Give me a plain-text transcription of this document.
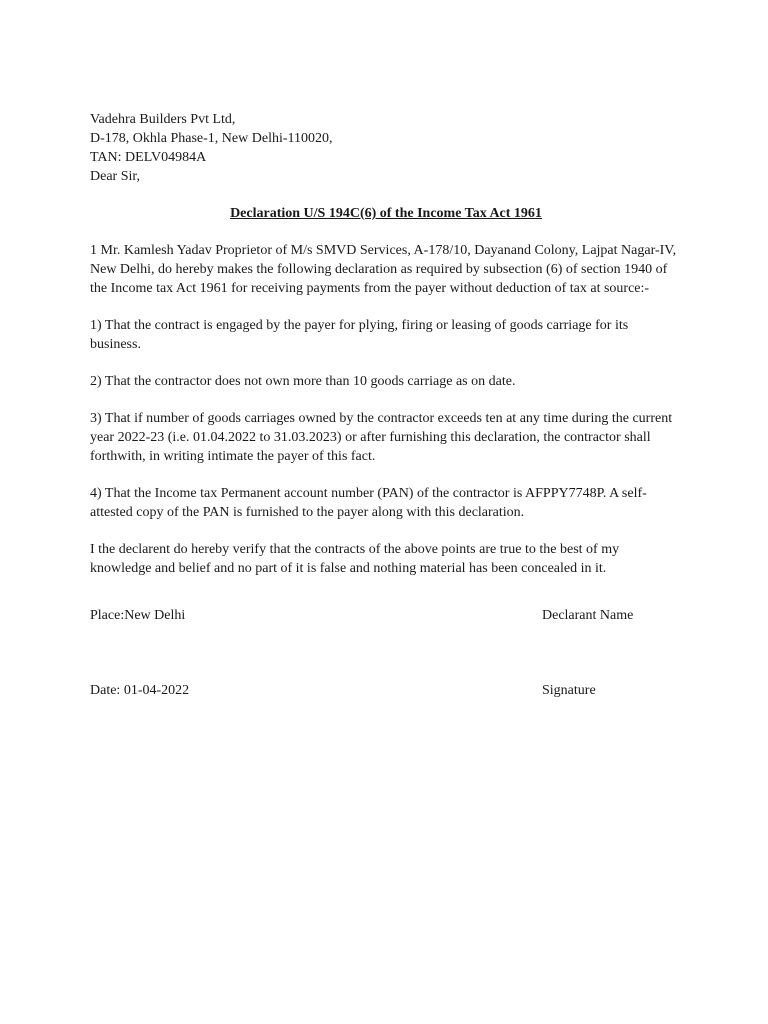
Vadehra Builders Pvt Ltd,
D-178, Okhla Phase-1, New Delhi-110020,
TAN: DELV04984A
Dear Sir,
Declaration U/S 194C(6) of the Income Tax Act 1961

1 Mr. Kamlesh Yadav Proprietor of M/s SMVD Services, A-178/10, Dayanand Colony, Lajpat Nagar-IV, New Delhi, do hereby makes the following declaration as required by subsection (6) of section 1940 of the Income tax Act 1961 for receiving payments from the payer without deduction of tax at source:-

1) That the contract is engaged by the payer for plying, firing or leasing of goods carriage for its business.

2) That the contractor does not own more than 10 goods carriage as on date.

3) That if number of goods carriages owned by the contractor exceeds ten at any time during the current year 2022-23 (i.e. 01.04.2022 to 31.03.2023) or after furnishing this declaration, the contractor shall forthwith, in writing intimate the payer of this fact.

4) That the Income tax Permanent account number (PAN) of the contractor is AFPPY7748P. A self-attested copy of the PAN is furnished to the payer along with this declaration.

I the declarent do hereby verify that the contracts of the above points are true to the best of my knowledge and belief and no part of it is false and nothing material has been concealed in it.

Place:New Delhi	Declarant Name
Date: 01-04-2022	Signature
